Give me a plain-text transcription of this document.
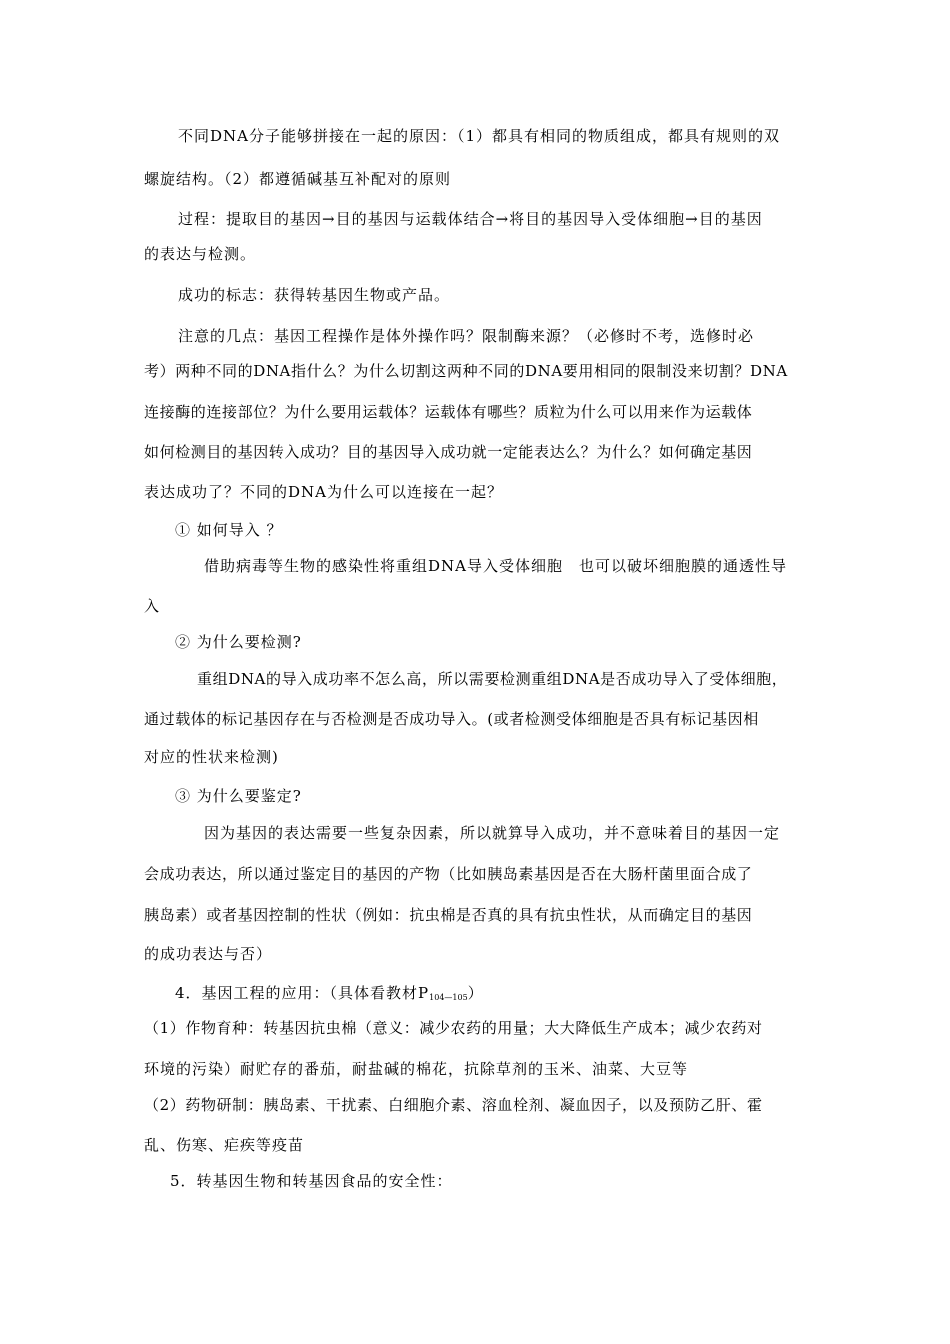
不同DNA分子能够拼接在一起的原因：（1）都具有相同的物质组成，都具有规则的双
螺旋结构。（2）都遵循碱基互补配对的原则
过程：提取目的基因→目的基因与运载体结合→将目的基因导入受体细胞→目的基因
的表达与检测。
成功的标志：获得转基因生物或产品。
注意的几点：基因工程操作是体外操作吗？限制酶来源？（必修时不考，选修时必
考）两种不同的DNA指什么？为什么切割这两种不同的DNA要用相同的限制没来切割？DNA
连接酶的连接部位？为什么要用运载体？运载体有哪些？质粒为什么可以用来作为运载体
如何检测目的基因转入成功？目的基因导入成功就一定能表达么？为什么？如何确定基因
表达成功了？不同的DNA为什么可以连接在一起？
① 如何导入 ？
借助病毒等生物的感染性将重组DNA导入受体细胞　也可以破坏细胞膜的通透性导
入
② 为什么要检测?
重组DNA的导入成功率不怎么高，所以需要检测重组DNA是否成功导入了受体细胞，
通过载体的标记基因存在与否检测是否成功导入。(或者检测受体细胞是否具有标记基因相
对应的性状来检测)
③ 为什么要鉴定?
因为基因的表达需要一些复杂因素，所以就算导入成功，并不意味着目的基因一定
会成功表达，所以通过鉴定目的基因的产物（比如胰岛素基因是否在大肠杆菌里面合成了
胰岛素）或者基因控制的性状（例如：抗虫棉是否真的具有抗虫性状，从而确定目的基因
的成功表达与否）
4．基因工程的应用：（具体看教材$P_{104—105}$）
（1）作物育种：转基因抗虫棉（意义：减少农药的用量；大大降低生产成本；减少农药对
环境的污染）耐贮存的番茄，耐盐碱的棉花，抗除草剂的玉米、油菜、大豆等
（2）药物研制：胰岛素、干扰素、白细胞介素、溶血栓剂、凝血因子，以及预防乙肝、霍
乱、伤寒、疟疾等疫苗
5．转基因生物和转基因食品的安全性：
